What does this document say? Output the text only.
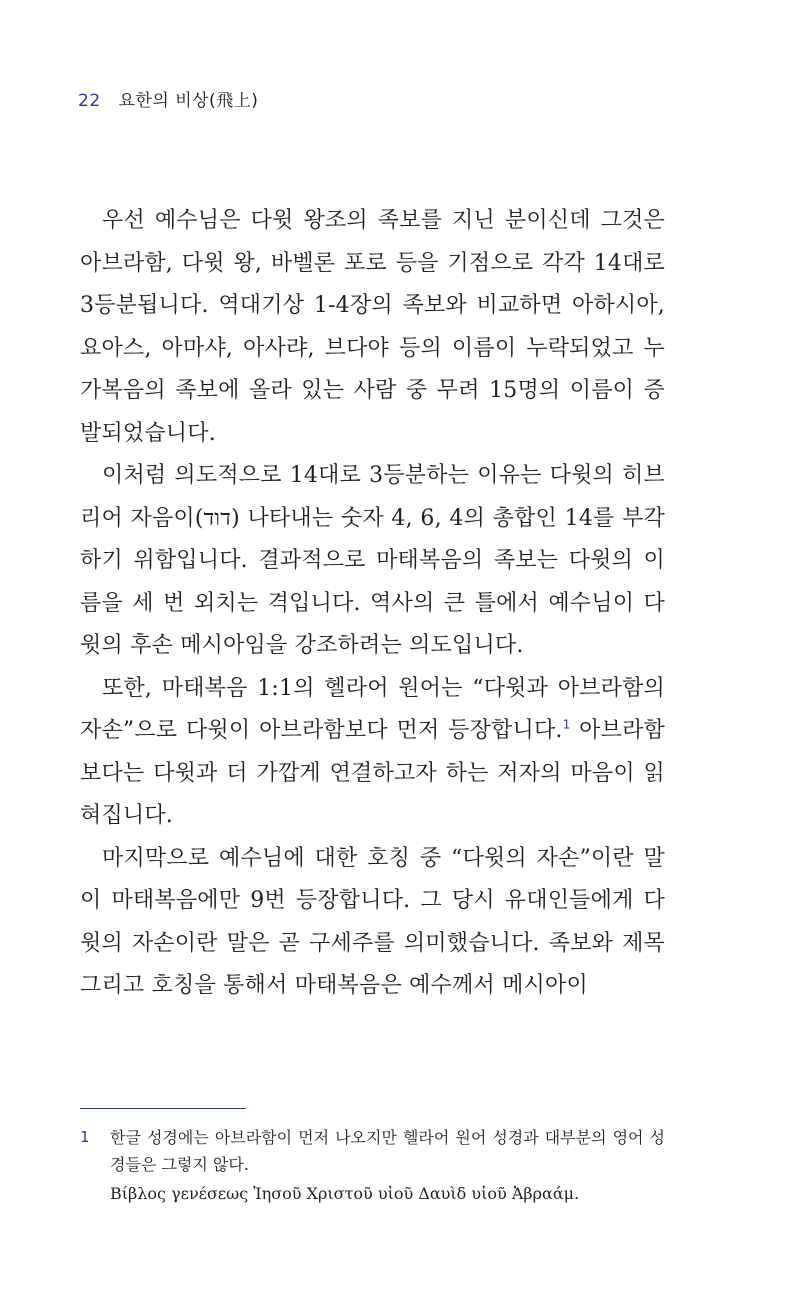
22 요한의 비상(飛上)

우선 예수님은 다윗 왕조의 족보를 지닌 분이신데 그것은 아브라함, 다윗 왕, 바벨론 포로 등을 기점으로 각각 14대로 3등분됩니다. 역대기상 1-4장의 족보와 비교하면 아하시아, 요아스, 아마샤, 아사랴, 브다야 등의 이름이 누락되었고 누가복음의 족보에 올라 있는 사람 중 무려 15명의 이름이 증발되었습니다.

이처럼 의도적으로 14대로 3등분하는 이유는 다윗의 히브리어 자음이(דוד) 나타내는 숫자 4, 6, 4의 총합인 14를 부각하기 위함입니다. 결과적으로 마태복음의 족보는 다윗의 이름을 세 번 외치는 격입니다. 역사의 큰 틀에서 예수님이 다윗의 후손 메시아임을 강조하려는 의도입니다.

또한, 마태복음 1:1의 헬라어 원어는 “다윗과 아브라함의 자손”으로 다윗이 아브라함보다 먼저 등장합니다.$^1$ 아브라함보다는 다윗과 더 가깝게 연결하고자 하는 저자의 마음이 읽혀집니다.

마지막으로 예수님에 대한 호칭 중 “다윗의 자손”이란 말이 마태복음에만 9번 등장합니다. 그 당시 유대인들에게 다윗의 자손이란 말은 곧 구세주를 의미했습니다. 족보와 제목 그리고 호칭을 통해서 마태복음은 예수께서 메시아이

1 한글 성경에는 아브라함이 먼저 나오지만 헬라어 원어 성경과 대부분의 영어 성경들은 그렇지 않다.
Βίβλος γενέσεως Ἰησοῦ Χριστοῦ υἱοῦ Δαυὶδ υἱοῦ Ἀβραάμ.
